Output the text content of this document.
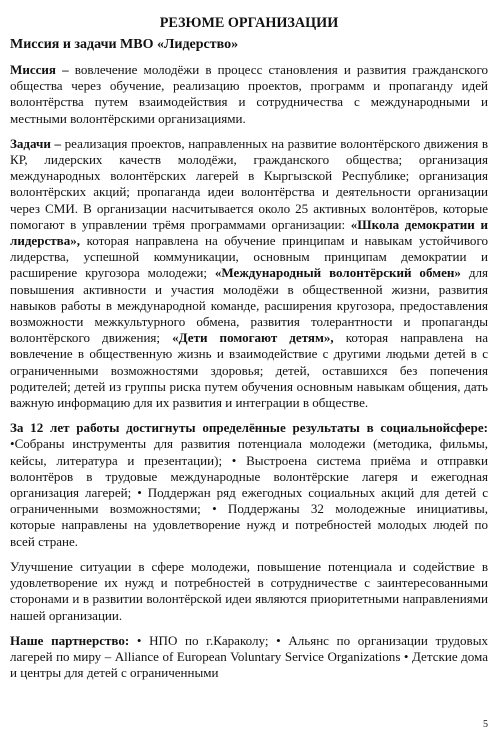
РЕЗЮМЕ ОРГАНИЗАЦИИ
Миссия и задачи МВО «Лидерство»

Миссия – вовлечение молодёжи в процесс становления и развития гражданского общества через обучение, реализацию проектов, программ и пропаганду идей волонтёрства путем взаимодействия и сотрудничества с международными и местными волонтёрскими организациями.

Задачи – реализация проектов, направленных на развитие волонтёрского движения в КР, лидерских качеств молодёжи, гражданского общества; организация международных волонтёрских лагерей в Кыргызской Республике; организация волонтёрских акций; пропаганда идеи волонтёрства и деятельности организации через СМИ. В организации насчитывается около 25 активных волонтёров, которые помогают в управлении трёмя программами организации: «Школа демократии и лидерства», которая направлена на обучение принципам и навыкам устойчивого лидерства, успешной коммуникации, основным принципам демократии и расширение кругозора молодежи; «Международный волонтёрский обмен» для повышения активности и участия молодёжи в общественной жизни, развития навыков работы в международной команде, расширения кругозора, предоставления возможности межкультурного обмена, развития толерантности и пропаганды волонтёрского движения; «Дети помогают детям», которая направлена на вовлечение в общественную жизнь и взаимодействие с другими людьми детей в с ограниченными возможностями здоровья; детей, оставшихся без попечения родителей; детей из группы риска путем обучения основным навыкам общения, дать важную информацию для их развития и интеграции в обществе.

За 12 лет работы достигнуты определённые результаты в социальнойсфере: •Собраны инструменты для развития потенциала молодежи (методика, фильмы, кейсы, литература и презентации); • Выстроена система приёма и отправки волонтёров в трудовые международные волонтёрские лагеря и ежегодная организация лагерей; • Поддержан ряд ежегодных социальных акций для детей с ограниченными возможностями; • Поддержаны 32 молодежные инициативы, которые направлены на удовлетворение нужд и потребностей молодых людей по всей стране.

Улучшение ситуации в сфере молодежи, повышение потенциала и содействие в удовлетворение их нужд и потребностей в сотрудничестве с заинтересованными сторонами и в развитии волонтёрской идеи являются приоритетными направлениями нашей организации.

Наше партнерство: • НПО по г.Караколу; • Альянс по организации трудовых лагерей по миру – Alliance of European Voluntary Service Organizations • Детские дома и центры для детей с ограниченными

5
